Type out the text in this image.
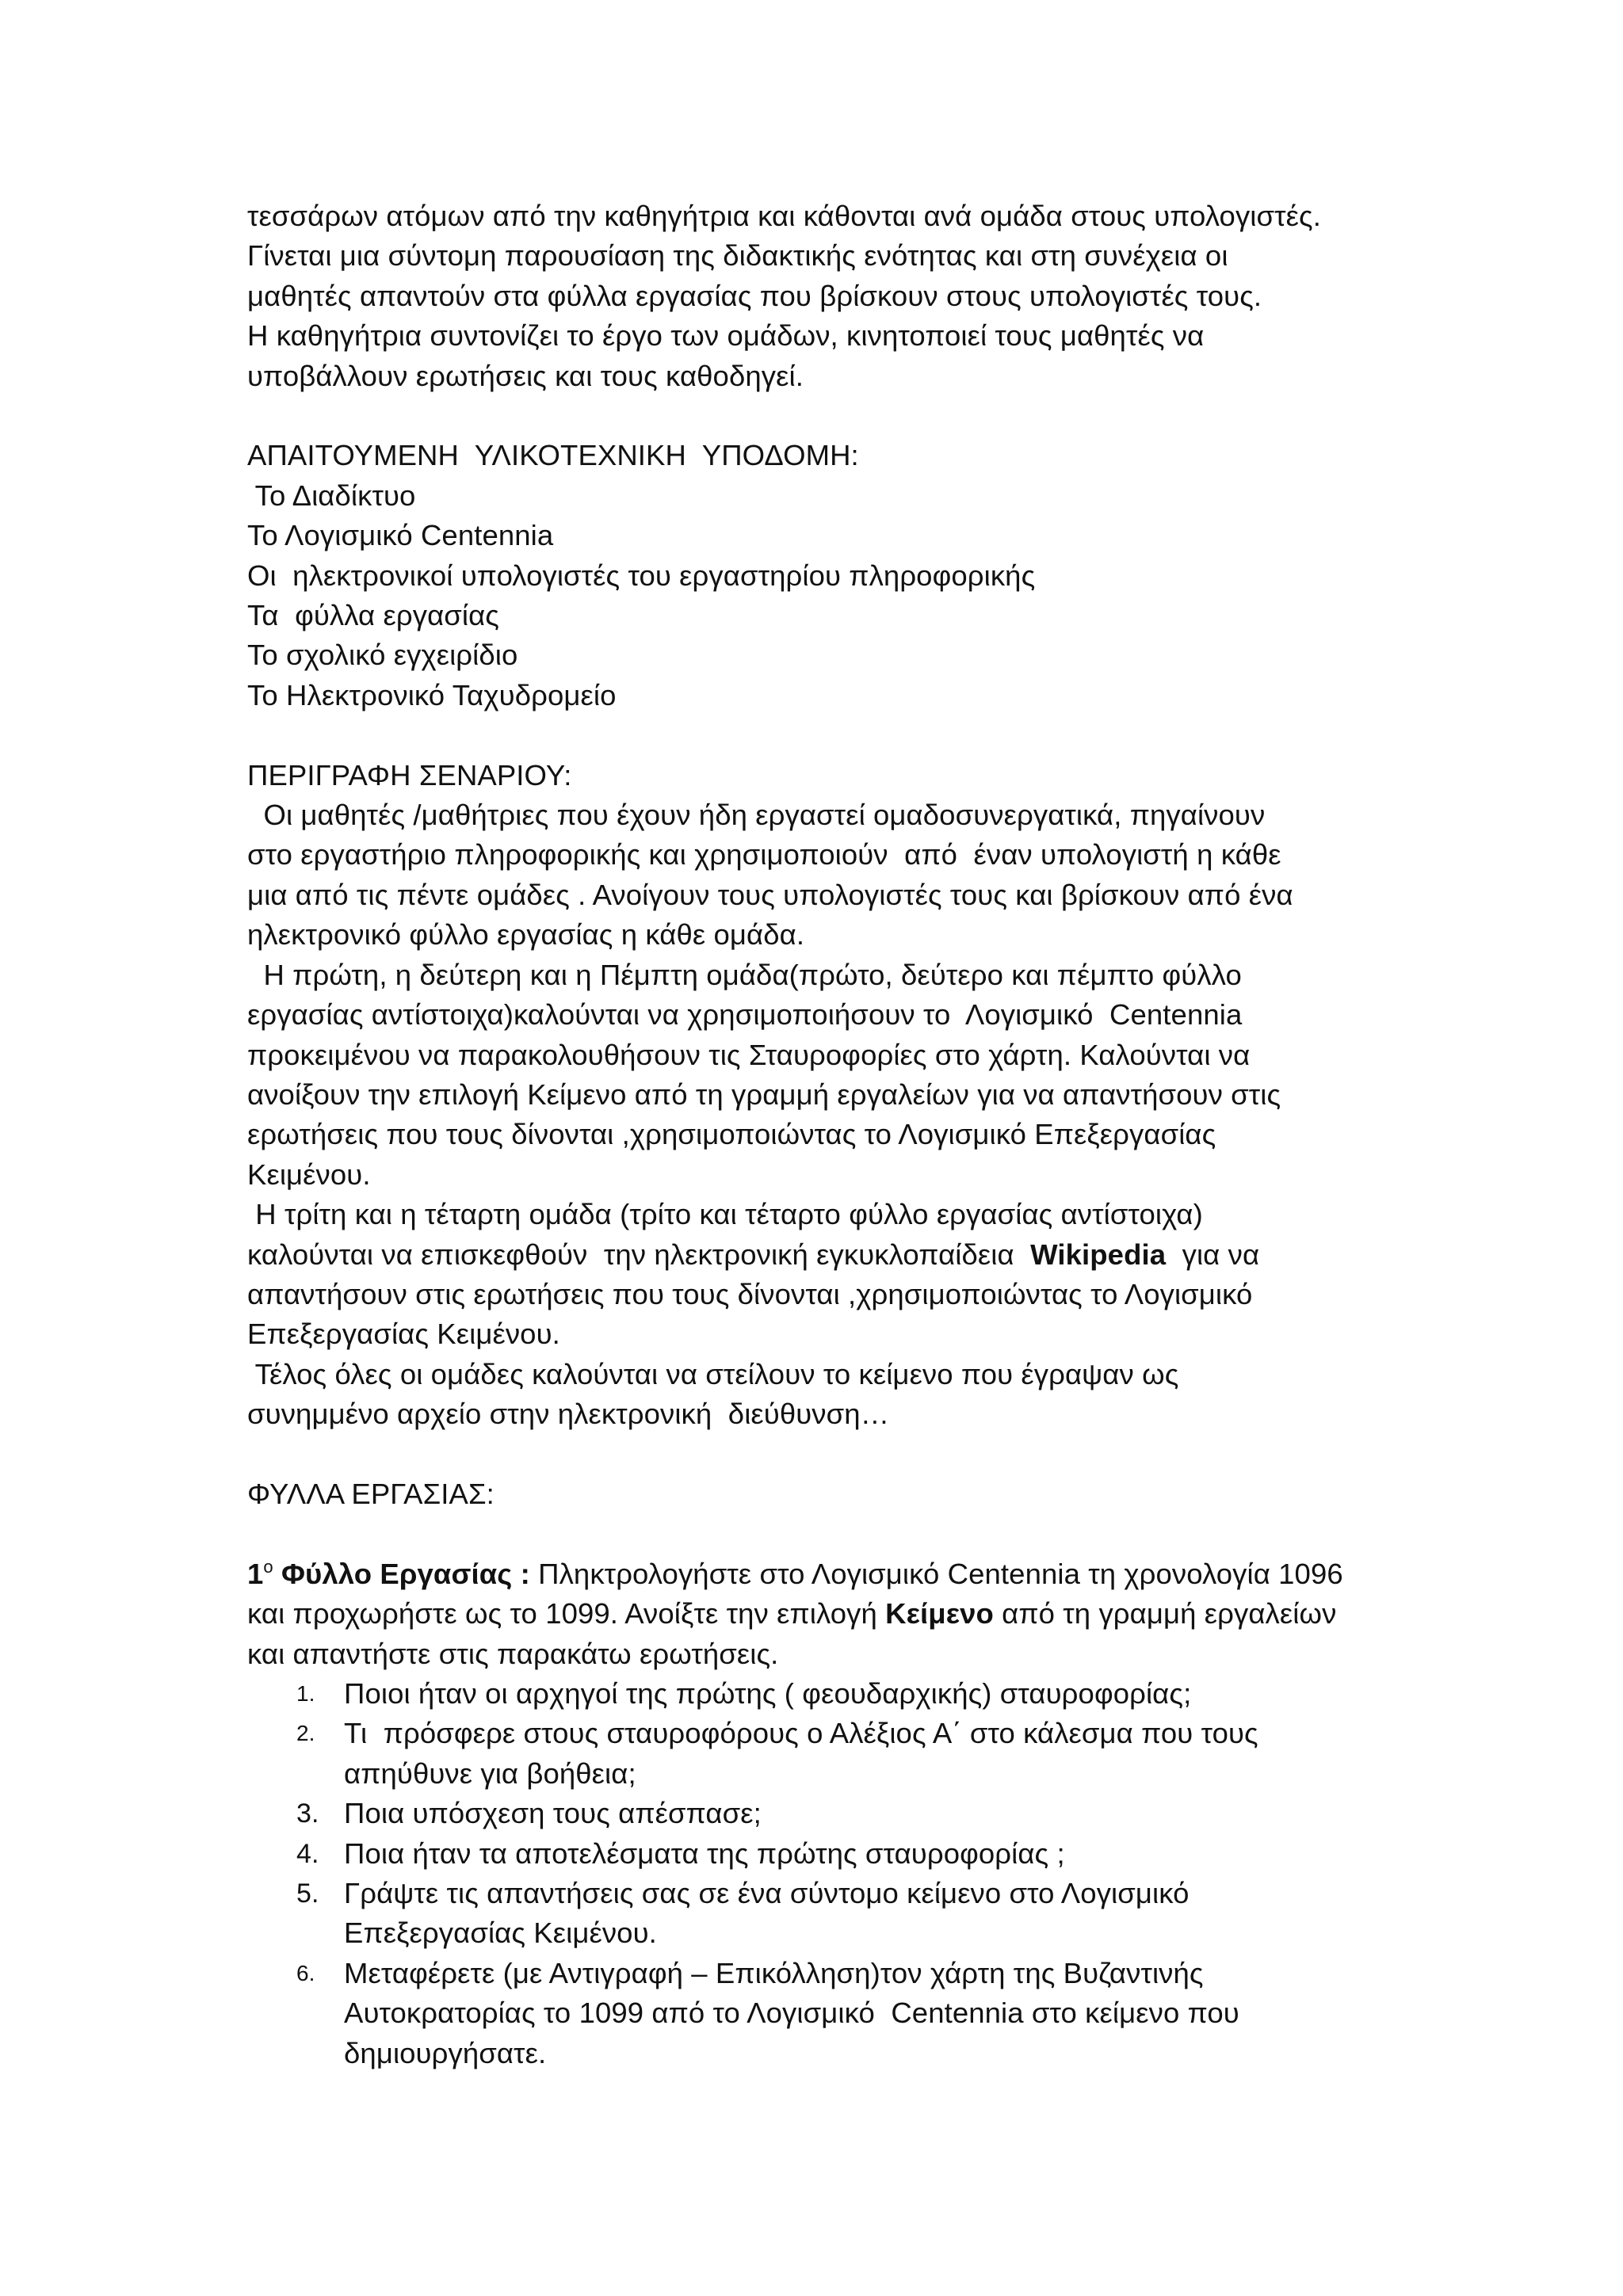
τεσσάρων ατόμων από την καθηγήτρια και κάθονται ανά ομάδα στους υπολογιστές.
Γίνεται μια σύντομη παρουσίαση της διδακτικής ενότητας και στη συνέχεια οι
μαθητές απαντούν στα φύλλα εργασίας που βρίσκουν στους υπολογιστές τους.
Η καθηγήτρια συντονίζει το έργο των ομάδων, κινητοποιεί τους μαθητές να
υποβάλλουν ερωτήσεις και τους καθοδηγεί.
ΑΠΑΙΤΟΥΜΕΝΗ  ΥΛΙΚΟΤΕΧΝΙΚΗ  ΥΠΟΔΟΜΗ:
Το Διαδίκτυο
Το Λογισμικό Centennia
Οι  ηλεκτρονικοί υπολογιστές του εργαστηρίου πληροφορικής
Τα  φύλλα εργασίας
Το σχολικό εγχειρίδιο
Το Ηλεκτρονικό Ταχυδρομείο
ΠΕΡΙΓΡΑΦΗ ΣΕΝΑΡΙΟΥ:
Οι μαθητές /μαθήτριες που έχουν ήδη εργαστεί ομαδοσυνεργατικά, πηγαίνουν
στο εργαστήριο πληροφορικής και χρησιμοποιούν  από  έναν υπολογιστή η κάθε
μια από τις πέντε ομάδες . Ανοίγουν τους υπολογιστές τους και βρίσκουν από ένα
ηλεκτρονικό φύλλο εργασίας η κάθε ομάδα.
Η πρώτη, η δεύτερη και η Πέμπτη ομάδα(πρώτο, δεύτερο και πέμπτο φύλλο
εργασίας αντίστοιχα)καλούνται να χρησιμοποιήσουν το  Λογισμικό  Centennia
προκειμένου να παρακολουθήσουν τις Σταυροφορίες στο χάρτη. Καλούνται να
ανοίξουν την επιλογή Κείμενο από τη γραμμή εργαλείων για να απαντήσουν στις
ερωτήσεις που τους δίνονται ,χρησιμοποιώντας το Λογισμικό Επεξεργασίας
Κειμένου.
Η τρίτη και η τέταρτη ομάδα (τρίτο και τέταρτο φύλλο εργασίας αντίστοιχα)
καλούνται να επισκεφθούν  την ηλεκτρονική εγκυκλοπαίδεια  Wikipedia  για να
απαντήσουν στις ερωτήσεις που τους δίνονται ,χρησιμοποιώντας το Λογισμικό
Επεξεργασίας Κειμένου.
Τέλος όλες οι ομάδες καλούνται να στείλουν το κείμενο που έγραψαν ως
συνημμένο αρχείο στην ηλεκτρονική  διεύθυνση…
ΦΥΛΛΑ ΕΡΓΑΣΙΑΣ:
$1^o$ Φύλλο Εργασίας : Πληκτρολογήστε στο Λογισμικό Centennia τη χρονολογία 1096
και προχωρήστε ως το 1099. Ανοίξτε την επιλογή Κείμενο από τη γραμμή εργαλείων
και απαντήστε στις παρακάτω ερωτήσεις.
1. Ποιοι ήταν οι αρχηγοί της πρώτης ( φεουδαρχικής) σταυροφορίας;
2. Τι  πρόσφερε στους σταυροφόρους ο Αλέξιος Α΄ στο κάλεσμα που τους
απηύθυνε για βοήθεια;
3. Ποια υπόσχεση τους απέσπασε;
4. Ποια ήταν τα αποτελέσματα της πρώτης σταυροφορίας ;
5. Γράψτε τις απαντήσεις σας σε ένα σύντομο κείμενο στο Λογισμικό
Επεξεργασίας Κειμένου.
6. Μεταφέρετε (με Αντιγραφή – Επικόλληση)τον χάρτη της Βυζαντινής
Αυτοκρατορίας το 1099 από το Λογισμικό  Centennia στο κείμενο που
δημιουργήσατε.
